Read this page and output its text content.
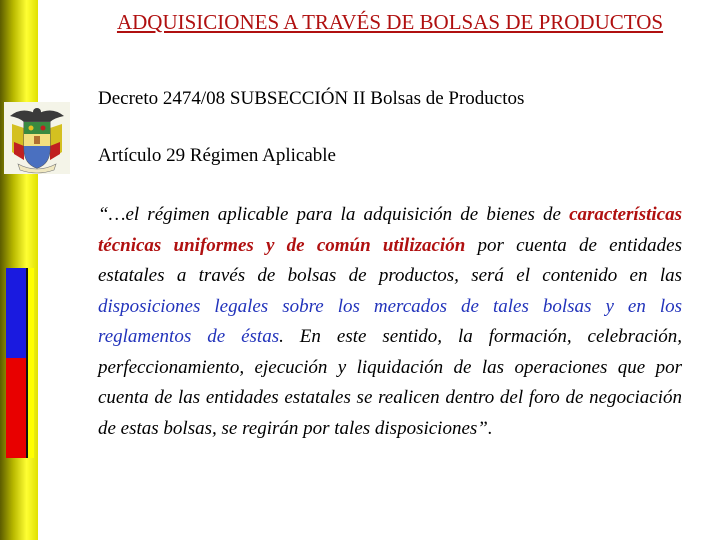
ADQUISICIONES A TRAVÉS DE BOLSAS DE PRODUCTOS
Decreto 2474/08 SUBSECCIÓN II Bolsas de Productos
Artículo 29 Régimen Aplicable
“…el régimen aplicable para la adquisición de bienes de características técnicas uniformes y de común utilización por cuenta de entidades estatales a través de bolsas de productos, será el contenido en las disposiciones legales sobre los mercados de tales bolsas y en los reglamentos de éstas. En este sentido, la formación, celebración, perfeccionamiento, ejecución y liquidación de las operaciones que por cuenta de las entidades estatales se realicen dentro del foro de negociación de estas bolsas, se regirán por tales disposiciones”.
